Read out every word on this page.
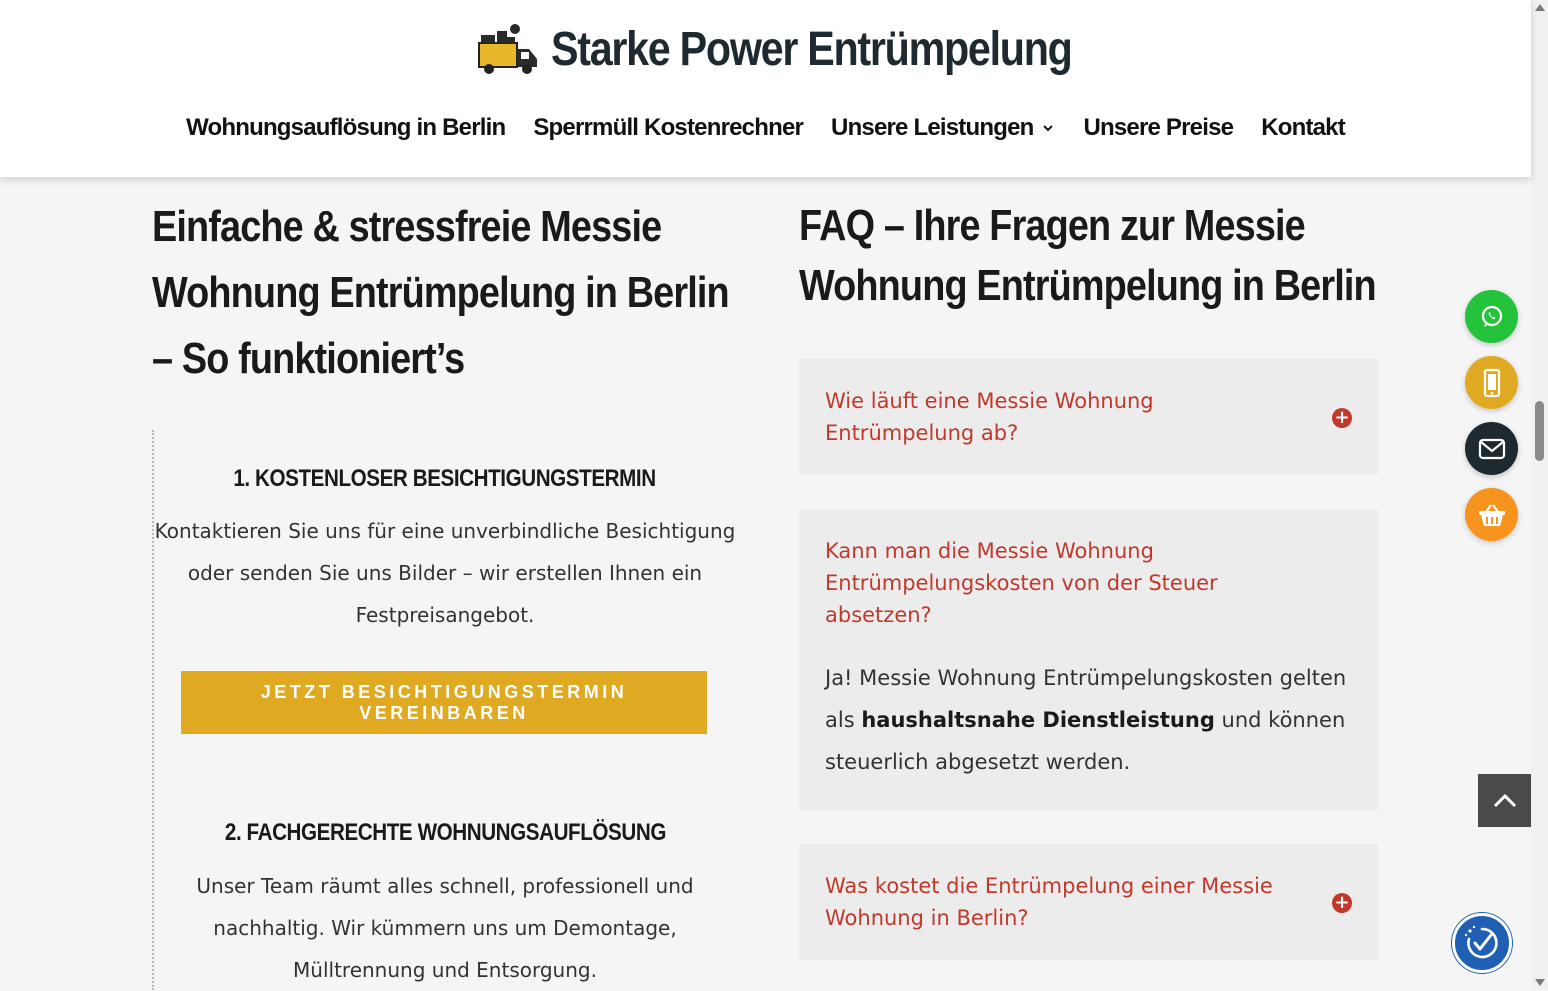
Starke Power Entrümpelung
Wohnungsauflösung in Berlin Sperrmüll Kostenrechner Unsere Leistungen Unsere Preise Kontakt
Einfache & stressfreie Messie Wohnung Entrümpelung in Berlin – So funktioniert’s
1. KOSTENLOSER BESICHTIGUNGSTERMIN

Kontaktieren Sie uns für eine unverbindliche Besichtigung oder senden Sie uns Bilder – wir erstellen Ihnen ein Festpreisangebot.

JETZT BESICHTIGUNGSTERMIN VEREINBAREN
2. FACHGERECHTE WOHNUNGSAUFLÖSUNG

Unser Team räumt alles schnell, professionell und nachhaltig. Wir kümmern uns um Demontage, Mülltrennung und Entsorgung.

FAQ – Ihre Fragen zur Messie Wohnung Entrümpelung in Berlin

Wie läuft eine Messie Wohnung Entrümpelung ab?

+

Kann man die Messie Wohnung Entrümpelungskosten von der Steuer absetzen?

Ja! Messie Wohnung Entrümpelungskosten gelten als haushaltsnahe Dienstleistung und können steuerlich abgesetzt werden.

Was kostet die Entrümpelung einer Messie Wohnung in Berlin?

+
